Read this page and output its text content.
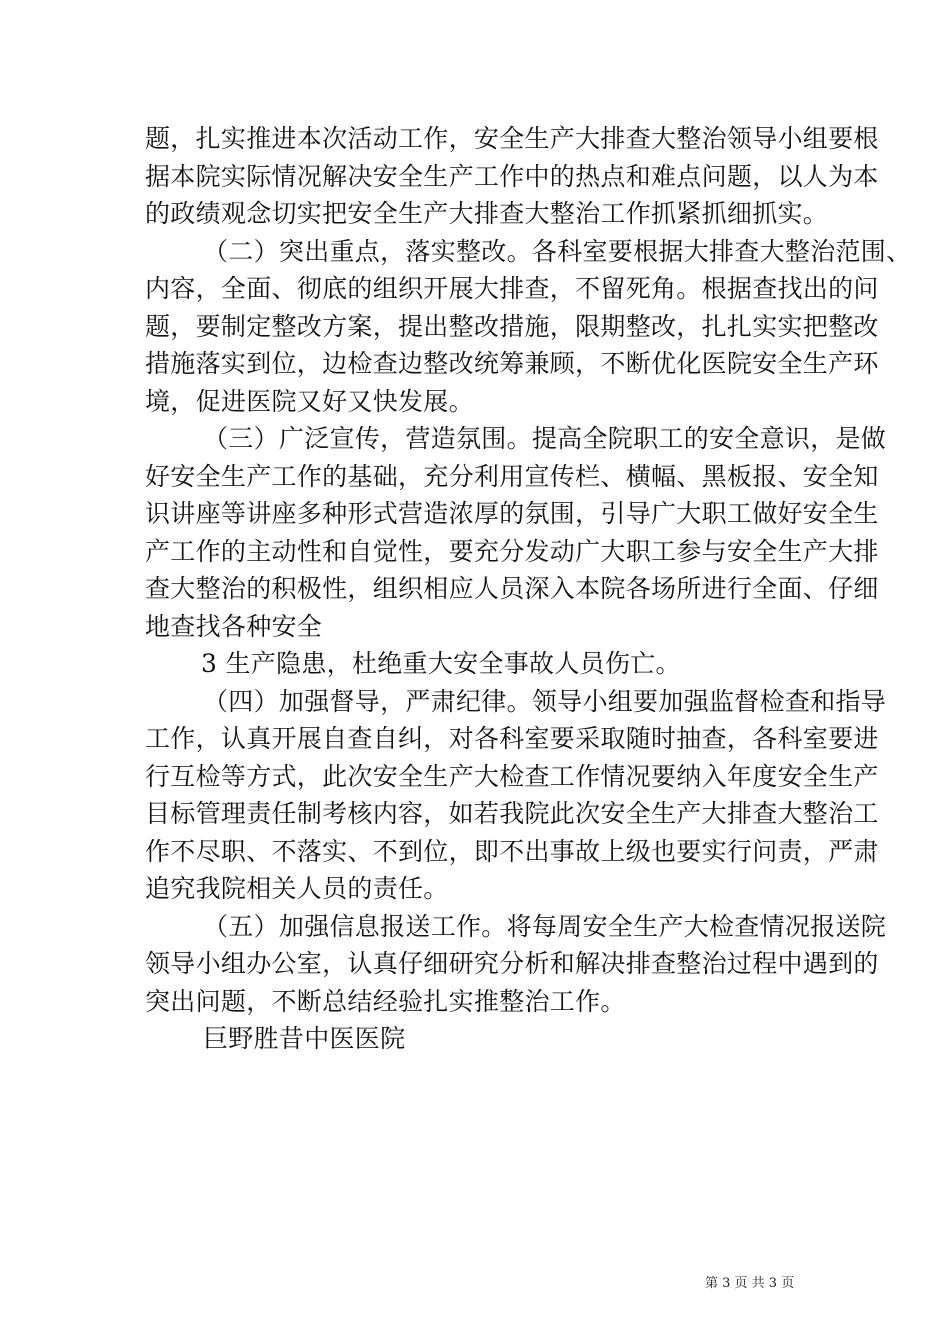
题，扎实推进本次活动工作，安全生产大排查大整治领导小组要根
据本院实际情况解决安全生产工作中的热点和难点问题，以人为本
的政绩观念切实把安全生产大排查大整治工作抓紧抓细抓实。
（二）突出重点，落实整改。各科室要根据大排查大整治范围、
内容，全面、彻底的组织开展大排查，不留死角。根据查找出的问
题，要制定整改方案，提出整改措施，限期整改，扎扎实实把整改
措施落实到位，边检查边整改统筹兼顾，不断优化医院安全生产环
境，促进医院又好又快发展。
（三）广泛宣传，营造氛围。提高全院职工的安全意识，是做
好安全生产工作的基础，充分利用宣传栏、横幅、黑板报、安全知
识讲座等讲座多种形式营造浓厚的氛围，引导广大职工做好安全生
产工作的主动性和自觉性，要充分发动广大职工参与安全生产大排
查大整治的积极性，组织相应人员深入本院各场所进行全面、仔细
地查找各种安全
3 生产隐患，杜绝重大安全事故人员伤亡。
（四）加强督导，严肃纪律。领导小组要加强监督检查和指导
工作，认真开展自查自纠，对各科室要采取随时抽查，各科室要进
行互检等方式，此次安全生产大检查工作情况要纳入年度安全生产
目标管理责任制考核内容，如若我院此次安全生产大排查大整治工
作不尽职、不落实、不到位，即不出事故上级也要实行问责，严肃
追究我院相关人员的责任。
（五）加强信息报送工作。将每周安全生产大检查情况报送院
领导小组办公室，认真仔细研究分析和解决排查整治过程中遇到的
突出问题，不断总结经验扎实推整治工作。
巨野胜昔中医医院
第 3 页 共 3 页
